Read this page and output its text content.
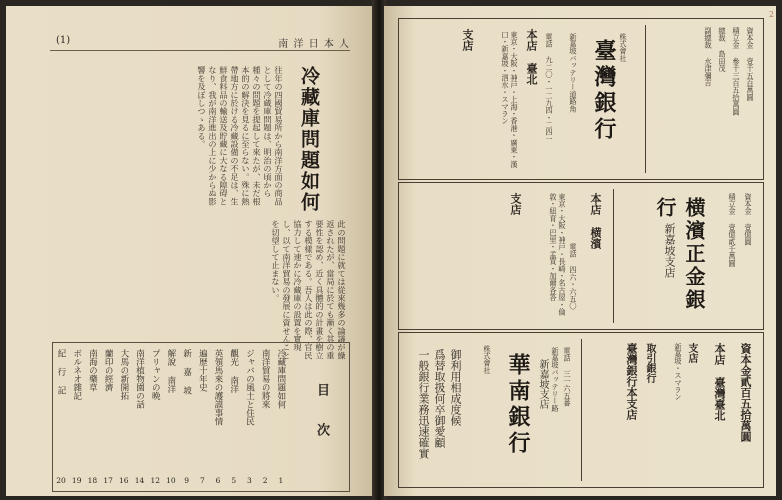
(1)	南 洋 日 本 人
冷藏庫問題如何
往年の四國貿易所から南洋方面の商品として冷蔵庫問題は、明治の頃から種々の問題を提起して來たが、未だ根本的の解決を見るに至らない。殊に熱帶地方に於ける冷藏設備の不足は、生鮮食料品の輸送及貯藏に大なる障碍となり、我が南洋進出の上に少からぬ影響を及ぼしつゝある。
此の問題に就ては從來幾多の論議が繰返されたが、當局に於ても漸く其の重要性を認め、近く具體的の計畫を樹立する模樣である。吾人は此の際、官民協力して速かに冷藏庫の設置を實現し、以て南洋貿易の發展に資せんことを切望して止まない。
目 次
冷藏庫問題如何
1
南洋貿易の將來
2
ジャバの風土と住民
3
觀光 南洋
5
英領馬來の護謨事情
6
遍歴十年史
7
新 嘉 坡
9
解說 南洋
10
プリャンの晩
12
南洋植物園の話
14
大馬の新開拓
16
蘭印の經濟
17
南海の藥草
18
ボルネオ雜記
19
紀 行 記
20
2
資本金 壹千五百萬圓
積立金 參千三百五拾萬圓
總裁 島田茂
副總裁 水津彌吉
株式會社
臺灣銀行
新嘉坡バッテリー道路角
本店
臺北
電話 九二〇・一二九四・二四一
支店	東京・大阪・神戸・上海・香港・廣東・漢口・新嘉坡・泗水・スマラン
資本金 壹億圓
積立金 壹億貳千萬圓
横濱正金銀行
新嘉坡支店
本店
横濱
電話 四六・六五〇
支店	東京・大阪・神戸・長崎・名古屋・倫敦・紐育・巴里・孟買・加爾各答
一般銀行業務迅速確實 爲替取扱何卒御愛顧 御利用相成度候	株式會社 華南銀行 新嘉坡支店 新嘉坡バッテリー路 電話 三一六五番	資本金貳百五拾萬圓
本店
臺灣臺北
支店
新嘉坡・スマラン
取引銀行
臺灣銀行本支店
